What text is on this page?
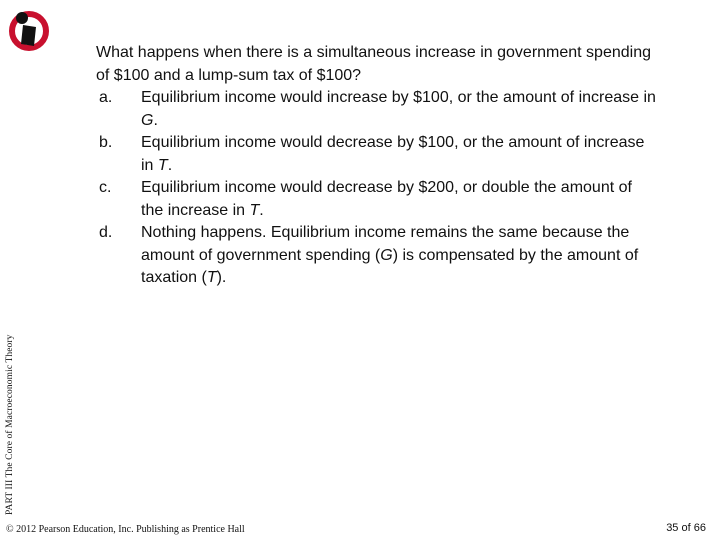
PART III The Core of Macroeconomic Theory

What happens when there is a simultaneous increase in government spending of $100 and a lump-sum tax of $100?

a.	Equilibrium income would increase by $100, or the amount of increase in G.
b.	Equilibrium income would decrease by $100, or the amount of increase in T.
c.	Equilibrium income would decrease by $200, or double the amount of the increase in T.
d.	Nothing happens. Equilibrium income remains the same because the amount of government spending (G) is compensated by the amount of taxation (T).
© 2012 Pearson Education, Inc. Publishing as Prentice Hall	35 of 66
